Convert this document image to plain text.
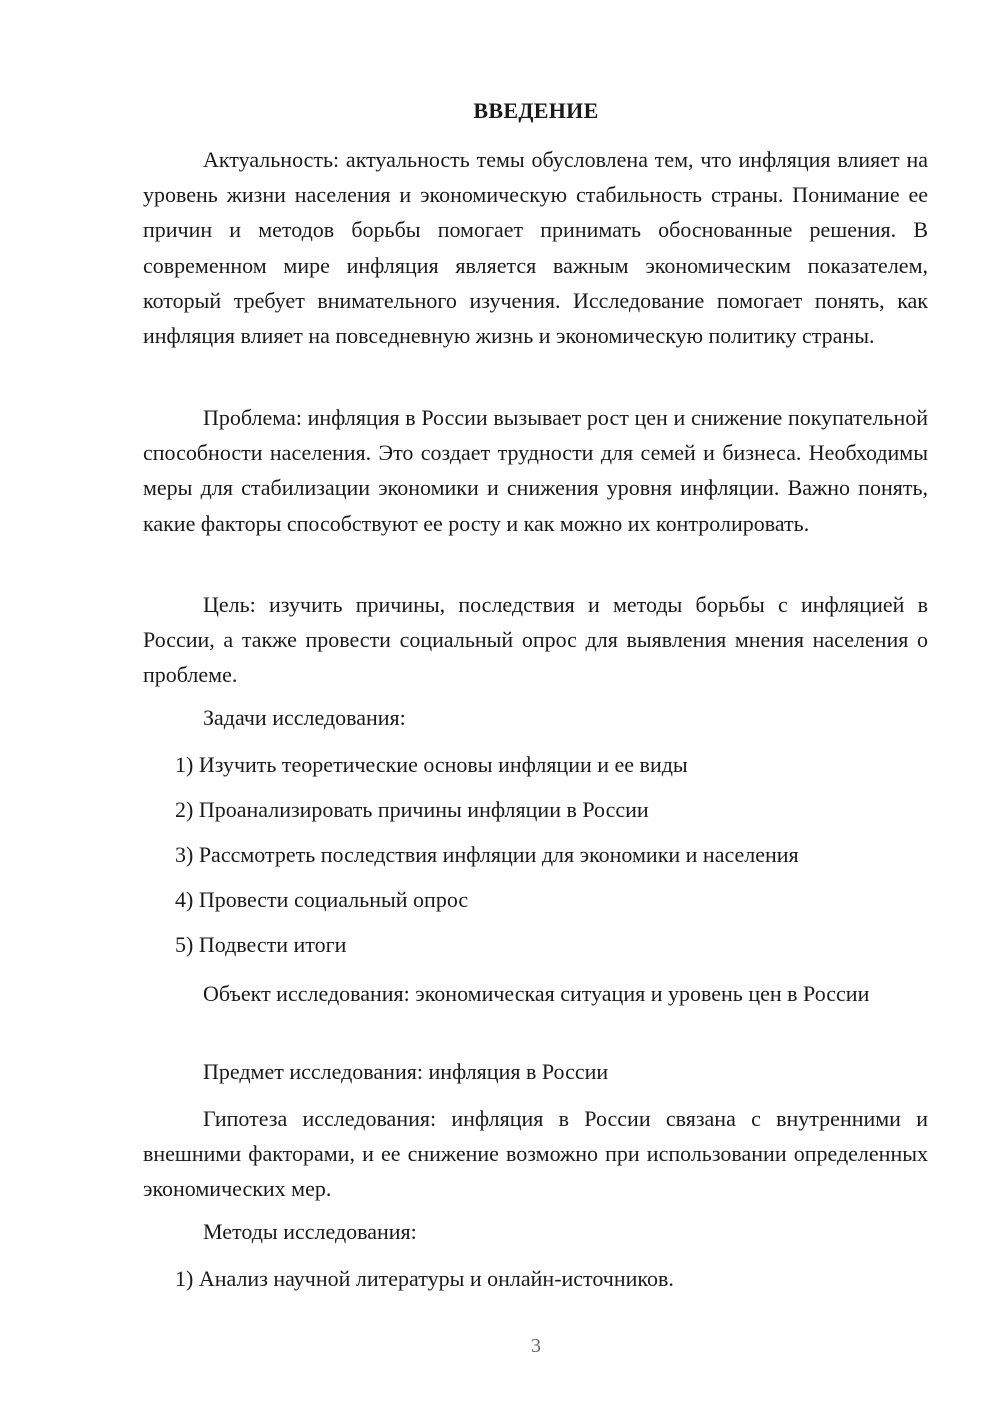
ВВЕДЕНИЕ

Актуальность: актуальность темы обусловлена тем, что инфляция влияет на уровень жизни населения и экономическую стабильность страны. Понимание ее причин и методов борьбы помогает принимать обоснованные решения. В современном мире инфляция является важным экономическим показателем, который требует внимательного изучения. Исследование помогает понять, как инфляция влияет на повседневную жизнь и экономическую политику страны.

Проблема: инфляция в России вызывает рост цен и снижение покупательной способности населения. Это создает трудности для семей и бизнеса. Необходимы меры для стабилизации экономики и снижения уровня инфляции. Важно понять, какие факторы способствуют ее росту и как можно их контролировать.

Цель: изучить причины, последствия и методы борьбы с инфляцией в России, а также провести социальный опрос для выявления мнения населения о проблеме.

Задачи исследования:

1) Изучить теоретические основы инфляции и ее виды

2) Проанализировать причины инфляции в России

3) Рассмотреть последствия инфляции для экономики и населения

4) Провести социальный опрос

5) Подвести итоги

Объект исследования: экономическая ситуация и уровень цен в России

Предмет исследования: инфляция в России

Гипотеза исследования: инфляция в России связана с внутренними и внешними факторами, и ее снижение возможно при использовании определенных экономических мер.

Методы исследования:

1) Анализ научной литературы и онлайн-источников.

3
